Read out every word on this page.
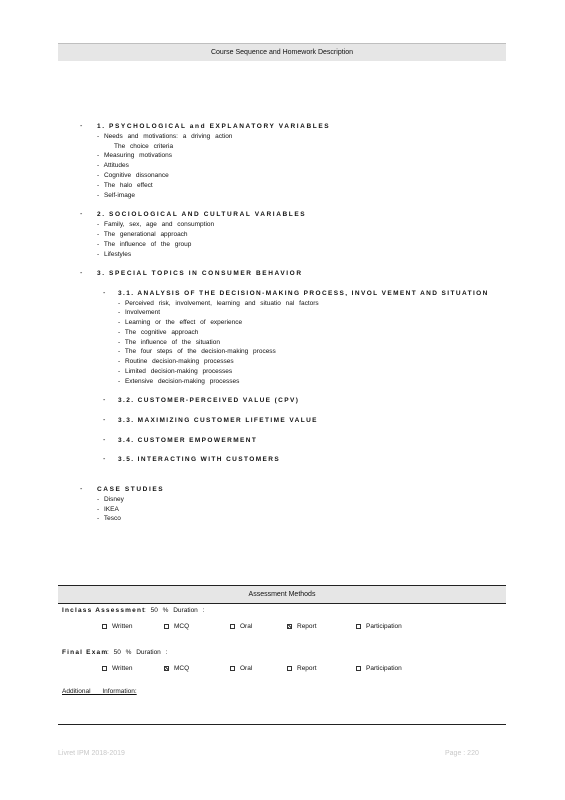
Course Sequence and Homework Description
- 1. PSYCHOLOGICAL and EXPLANATORY VARIABLES
- Needs and motivations: a driving action
The choice criteria
- Measuring motivations
- Attitudes
- Cognitive dissonance
- The halo effect
- Self-image
- 2. SOCIOLOGICAL AND CULTURAL VARIABLES
- Family, sex, age and consumption
- The generational approach
- The influence of the group
- Lifestyles
- 3. SPECIAL TOPICS IN CONSUMER BEHAVIOR
- 3.1. ANALYSIS OF THE DECISION-MAKING PROCESS, INVOL VEMENT AND SITUATION
- Perceived risk, involvement, learning and situatio nal factors
- Involvement
- Learning or the effect of experience
- The cognitive approach
- The influence of the situation
- The four steps of the decision-making process
- Routine decision-making processes
- Limited decision-making processes
- Extensive decision-making processes
- 3.2. CUSTOMER-PERCEIVED VALUE (CPV)
- 3.3. MAXIMIZING CUSTOMER LIFETIME VALUE
- 3.4. CUSTOMER EMPOWERMENT
- 3.5. INTERACTING WITH CUSTOMERS
- CASE STUDIES
- Disney
- IKEA
- Tesco
Assessment Methods
Inclass Assessment
: 50 % Duration :
Written	MCQ	Oral	Report	Participation
Final Exam
: 50 % Duration :
Written	MCQ	Oral	Report	Participation
Additional Information:
Livret IPM 2018-2019	Page : 220
